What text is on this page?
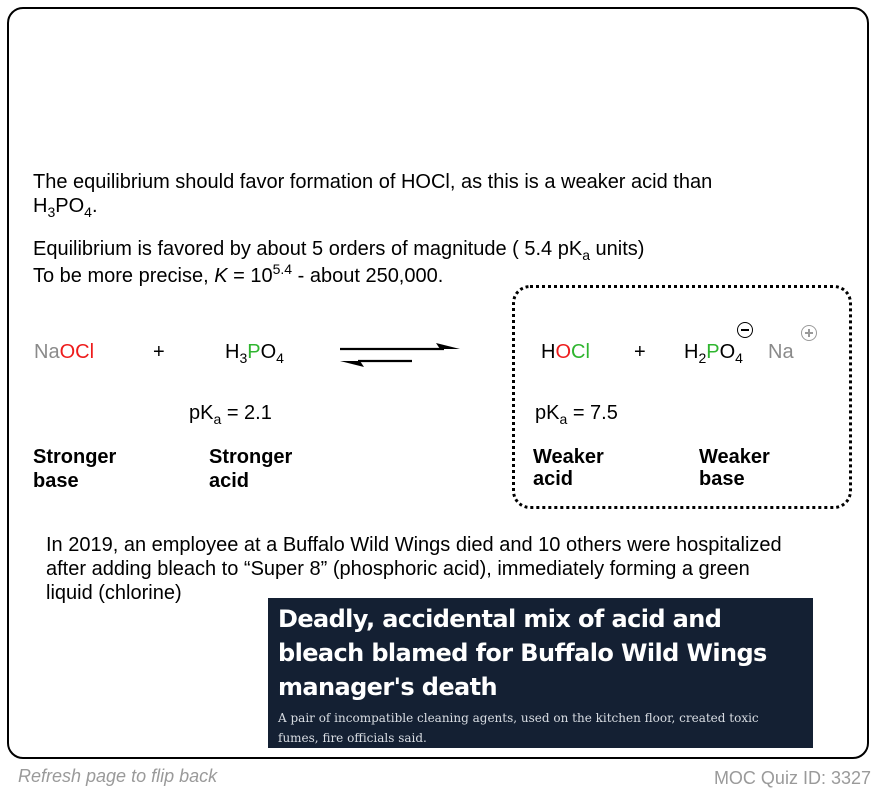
The equilibrium should favor formation of HOCl, as this is a weaker acid than
$H_3PO_4$.
Equilibrium is favored by about 5 orders of magnitude ( 5.4 $pK_a$ units)
To be more precise, $K = 10^{5.4}$ - about 250,000.
NaOCl	+	$H_3PO_4$	HOCl + $H_2PO_4$ Na
$pK_a = 2.1$	$pK_a = 7.5$
Stronger
base
Stronger
acid
Weaker
acid
Weaker
base
In 2019, an employee at a Buffalo Wild Wings died and 10 others were hospitalized
after adding bleach to “Super 8” (phosphoric acid), immediately forming a green
liquid (chlorine)
Deadly, accidental mix of acid and bleach blamed for Buffalo Wild Wings manager's death
A pair of incompatible cleaning agents, used on the kitchen floor, created toxic fumes, fire officials said.
Refresh page to flip back	MOC Quiz ID: 3327
